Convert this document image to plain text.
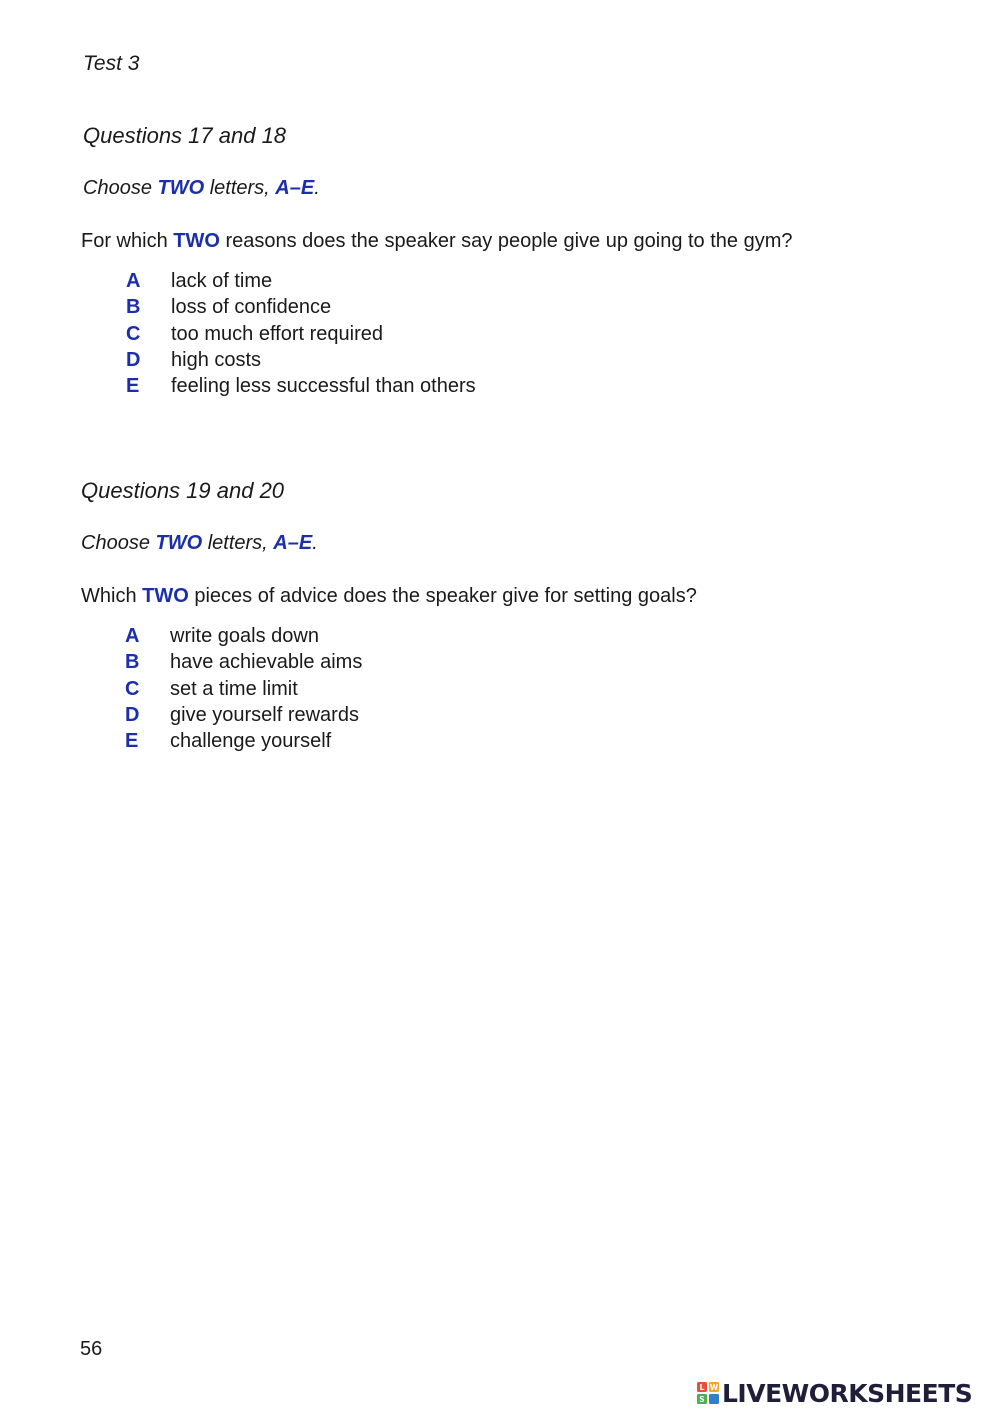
Test 3
Questions 17 and 18
Choose TWO letters, A–E.
For which TWO reasons does the speaker say people give up going to the gym?
A	lack of time
B	loss of confidence
C	too much effort required
D	high costs
E	feeling less successful than others
Questions 19 and 20
Choose TWO letters, A–E.
Which TWO pieces of advice does the speaker give for setting goals?
A	write goals down
B	have achievable aims
C	set a time limit
D	give yourself rewards
E	challenge yourself
56
L W
S LIVEWORKSHEETS
